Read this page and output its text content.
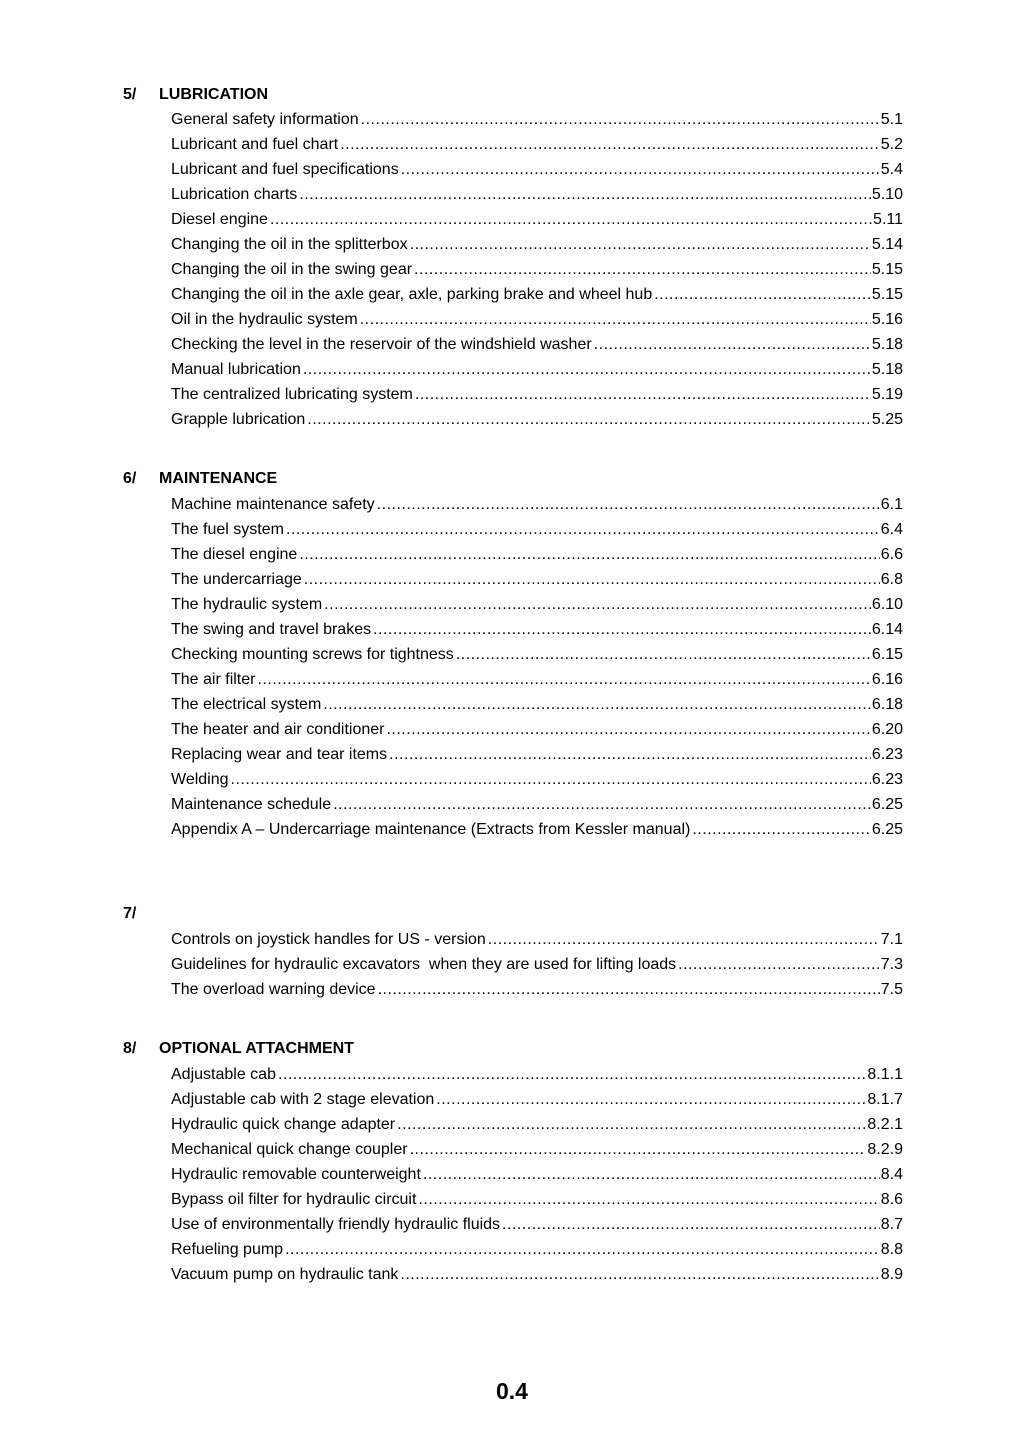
5/ LUBRICATION
General safety information .....	5.1
Lubricant and fuel chart .....	5.2
Lubricant and fuel specifications .....	5.4
Lubrication charts .....	5.10
Diesel engine .....	5.11
Changing the oil in the splitterbox .....	5.14
Changing the oil in the swing gear .....	5.15
Changing the oil in the axle gear, axle, parking brake and wheel hub .....	5.15
Oil in the hydraulic system .....	5.16
Checking the level in the reservoir of the windshield washer .....	5.18
Manual lubrication .....	5.18
The centralized lubricating system .....	5.19
Grapple lubrication .....	5.25
6/ MAINTENANCE
Machine maintenance safety .....	6.1
The fuel system .....	6.4
The diesel engine .....	6.6
The undercarriage .....	6.8
The hydraulic system .....	6.10
The swing and travel brakes .....	6.14
Checking mounting screws for tightness .....	6.15
The air filter .....	6.16
The electrical system .....	6.18
The heater and air conditioner .....	6.20
Replacing wear and tear items .....	6.23
Welding .....	6.23
Maintenance schedule .....	6.25
Appendix A – Undercarriage maintenance (Extracts from Kessler manual) .....	6.25
7/
Controls on joystick handles for US - version .....	7.1
Guidelines for hydraulic excavators  when they are used for lifting loads .....	7.3
The overload warning device .....	7.5
8/ OPTIONAL ATTACHMENT
Adjustable cab .....	8.1.1
Adjustable cab with 2 stage elevation .....	8.1.7
Hydraulic quick change adapter .....	8.2.1
Mechanical quick change coupler .....	8.2.9
Hydraulic removable counterweight .....	8.4
Bypass oil filter for hydraulic circuit .....	8.6
Use of environmentally friendly hydraulic fluids .....	8.7
Refueling pump .....	8.8
Vacuum pump on hydraulic tank .....	8.9
0.4
